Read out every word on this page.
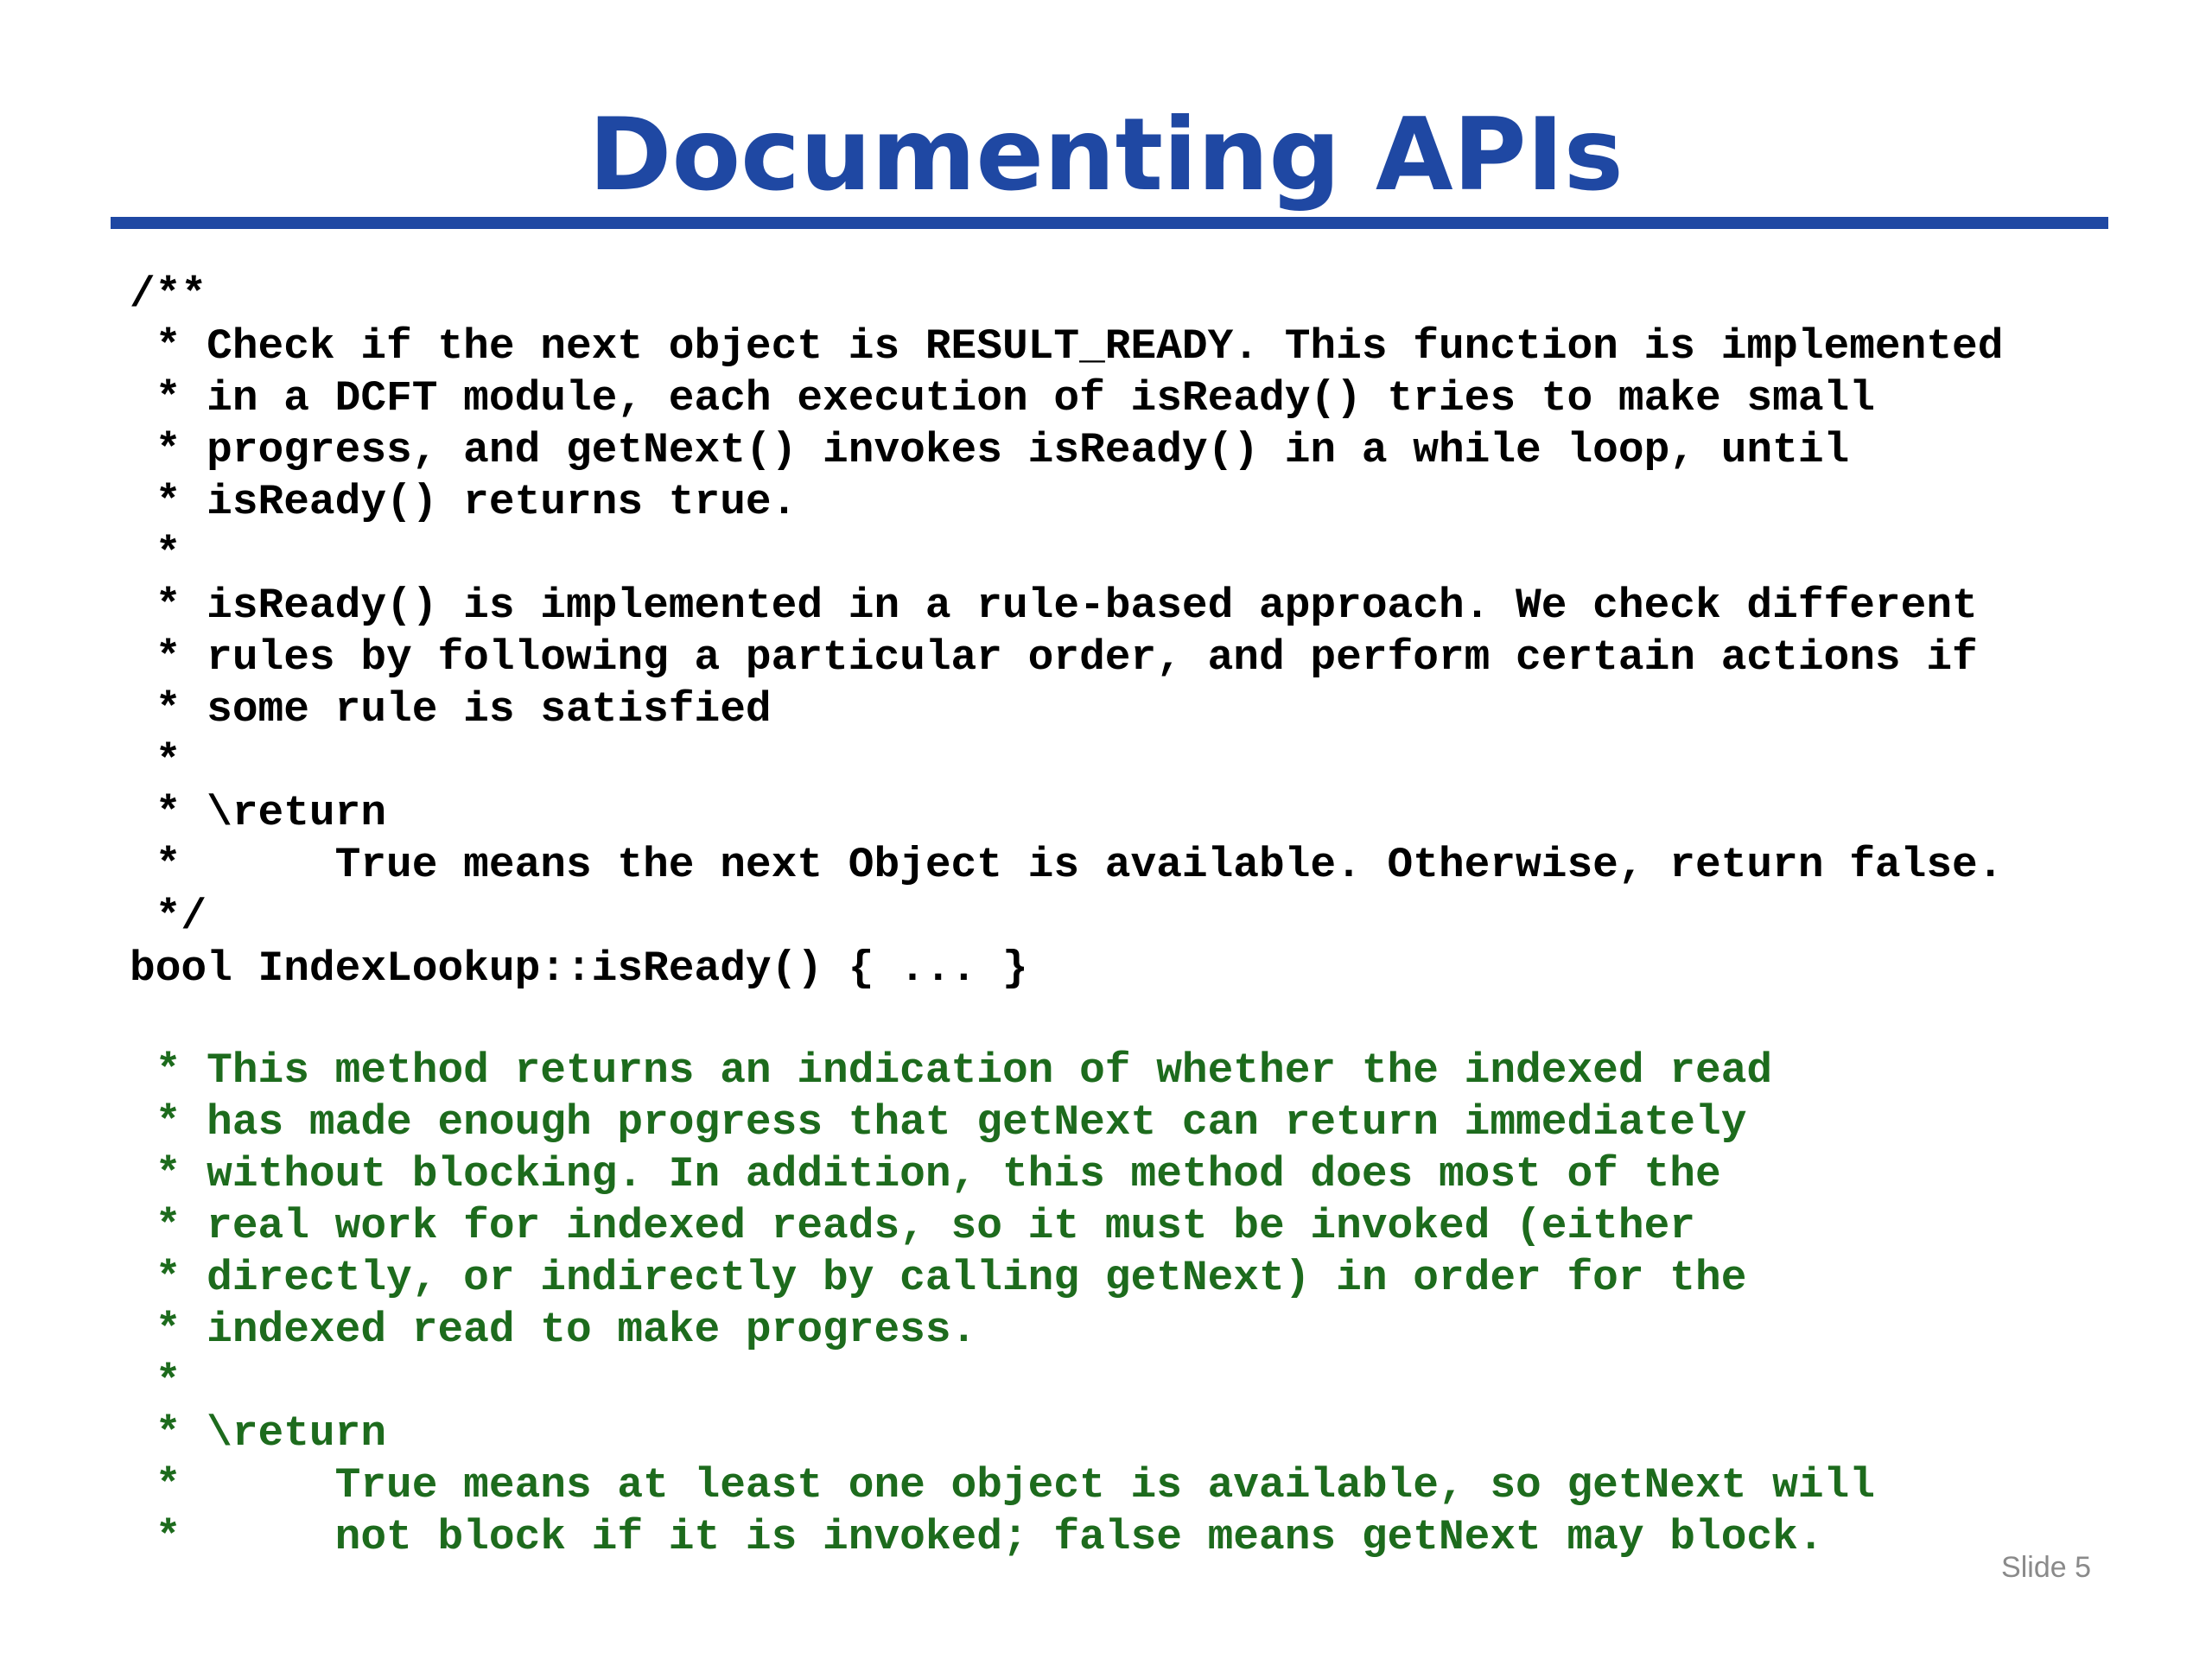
Documenting APIs
/**
* Check if the next object is RESULT_READY. This function is implemented
* in a DCFT module, each execution of isReady() tries to make small
* progress, and getNext() invokes isReady() in a while loop, until
* isReady() returns true.
*
* isReady() is implemented in a rule-based approach. We check different
* rules by following a particular order, and perform certain actions if
* some rule is satisfied
*
* \return
*      True means the next Object is available. Otherwise, return false.
*/
bool IndexLookup::isReady() { ... }
* This method returns an indication of whether the indexed read
* has made enough progress that getNext can return immediately
* without blocking. In addition, this method does most of the
* real work for indexed reads, so it must be invoked (either
* directly, or indirectly by calling getNext) in order for the
* indexed read to make progress.
*
* \return
*      True means at least one object is available, so getNext will
*      not block if it is invoked; false means getNext may block.
Slide 5
